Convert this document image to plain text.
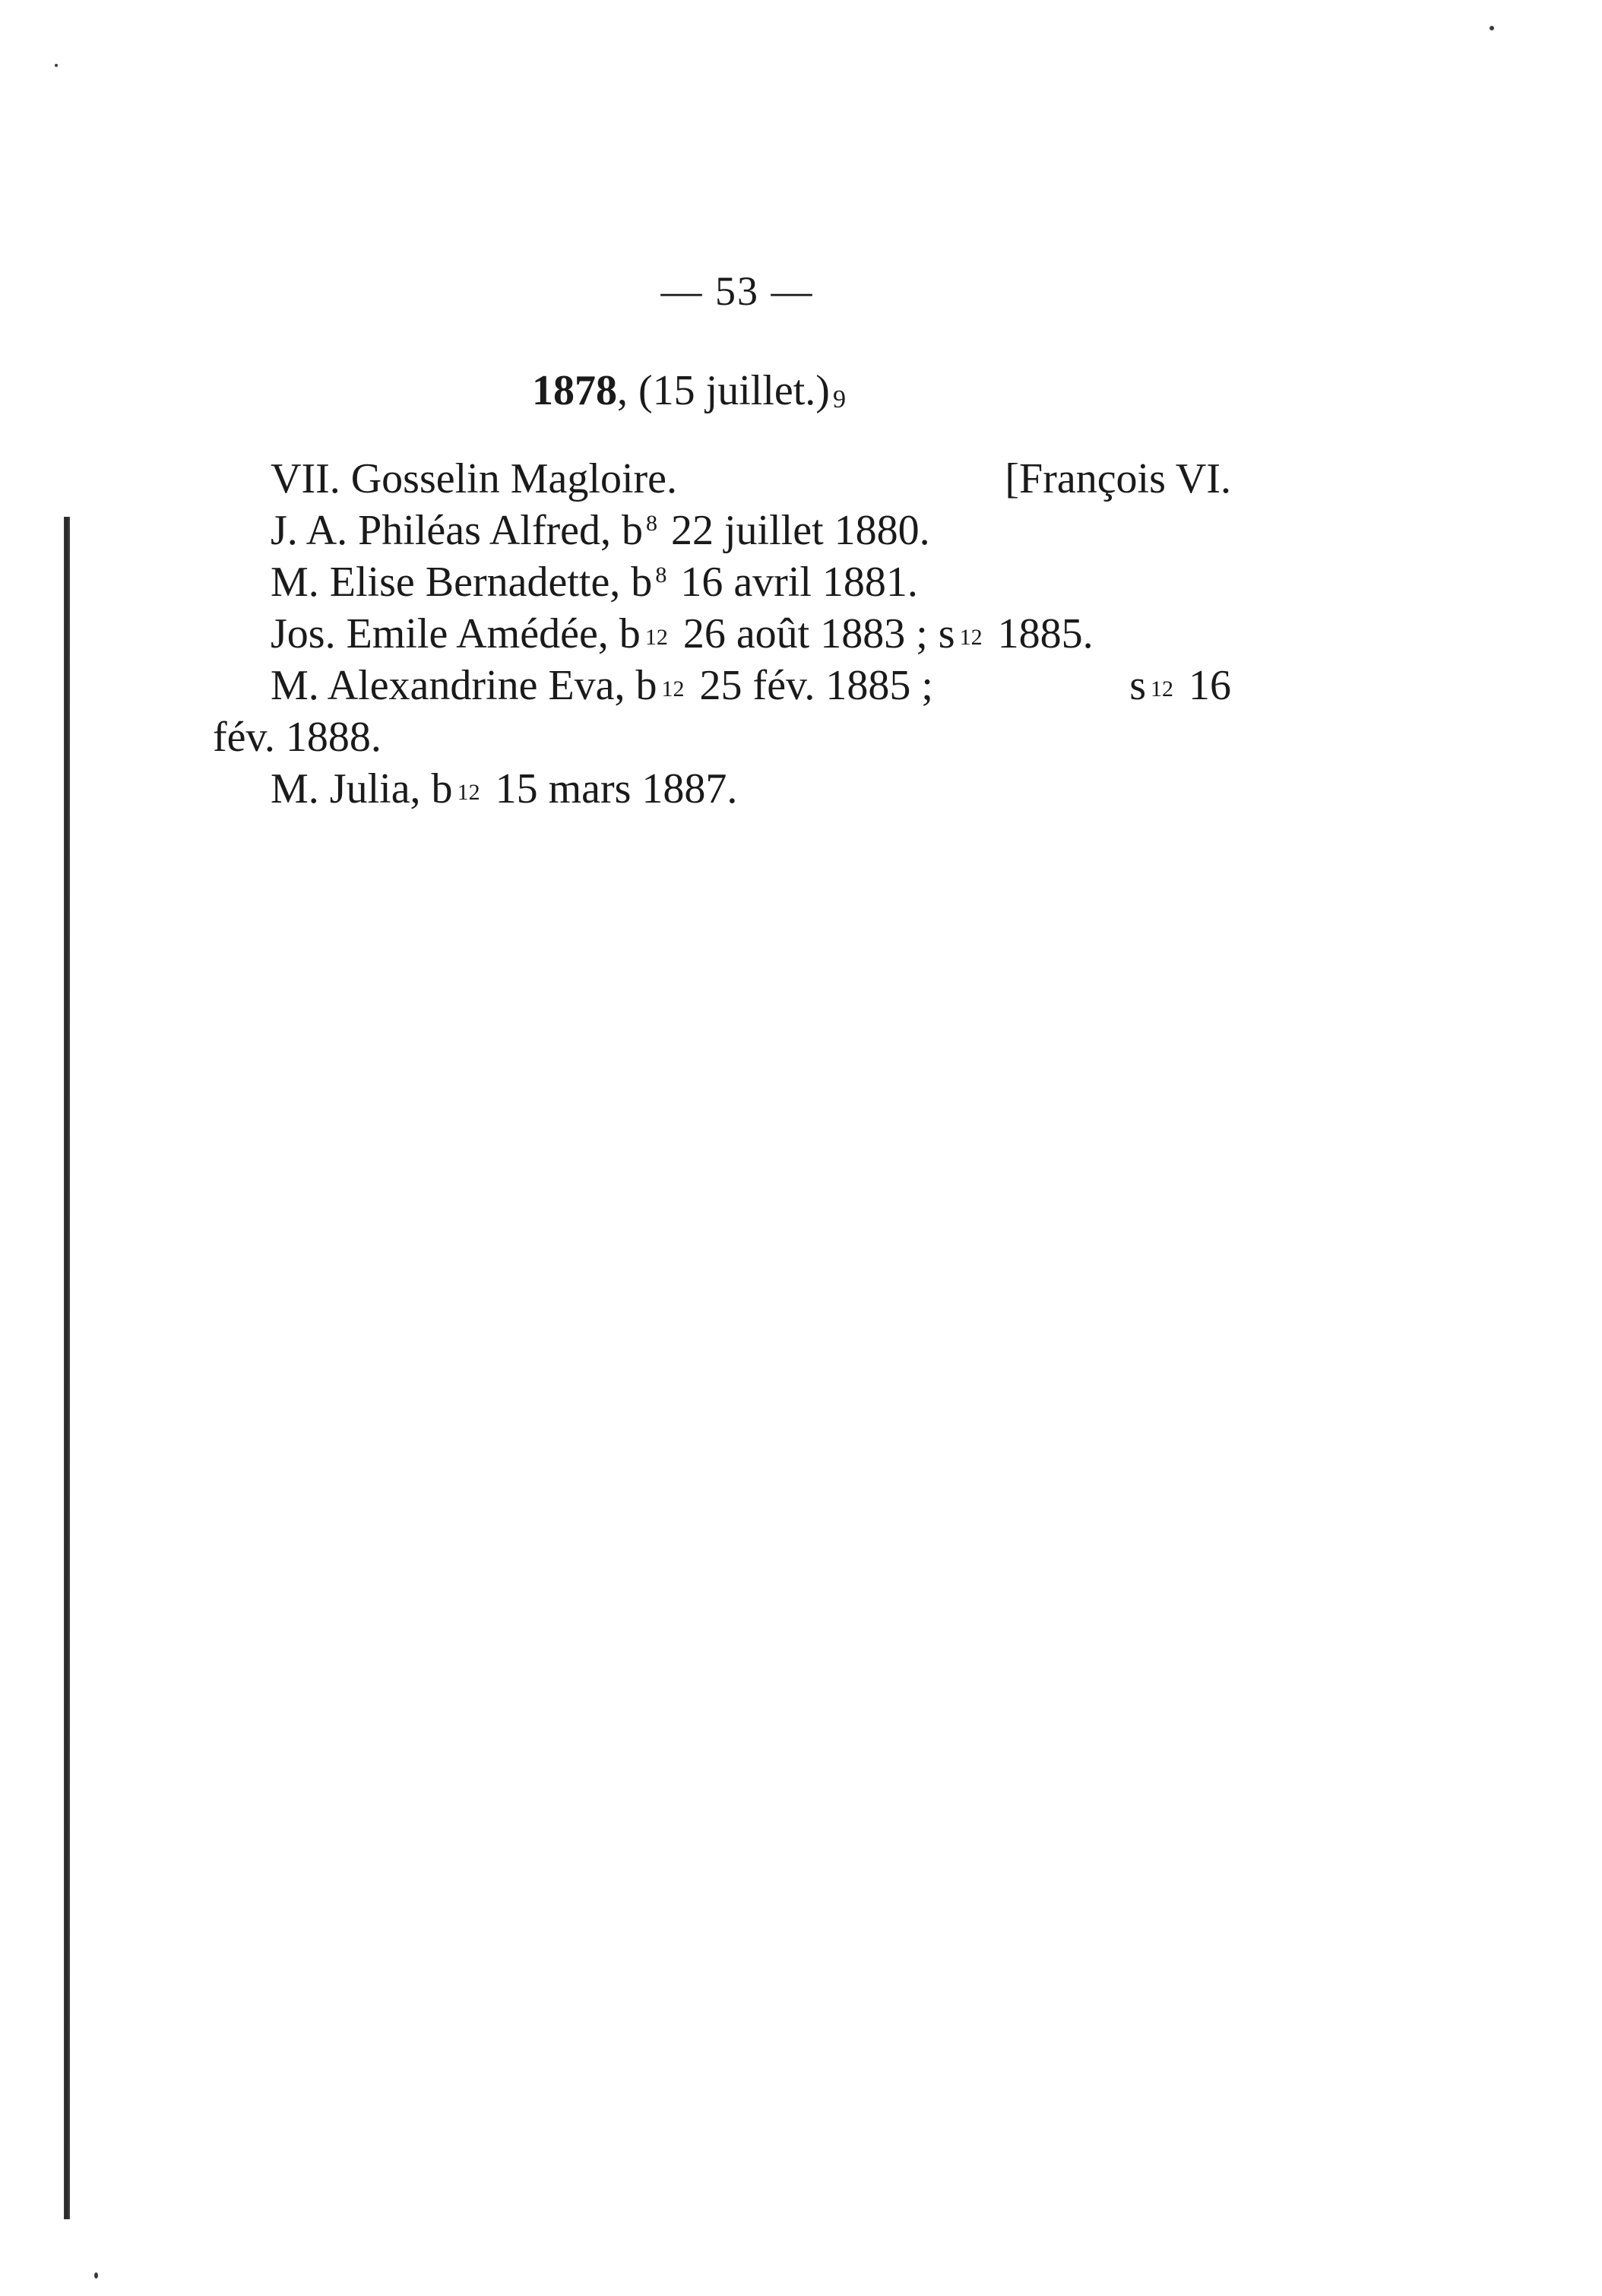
— 53 —
1878, (15 juillet.) $^9$
VII. Gosselin Magloire.	[François VI.
J. A. Philéas Alfred, b $^8$ 22 juillet 1880.
M. Elise Bernadette, b $^8$ 16 avril 1881.
Jos. Emile Amédée, b 12 26 août 1883 ; s 12 1885.
M. Alexandrine Eva, b 12 25 fév. 1885 ;	s 12 16
fév. 1888.
M. Julia, b 12 15 mars 1887.
